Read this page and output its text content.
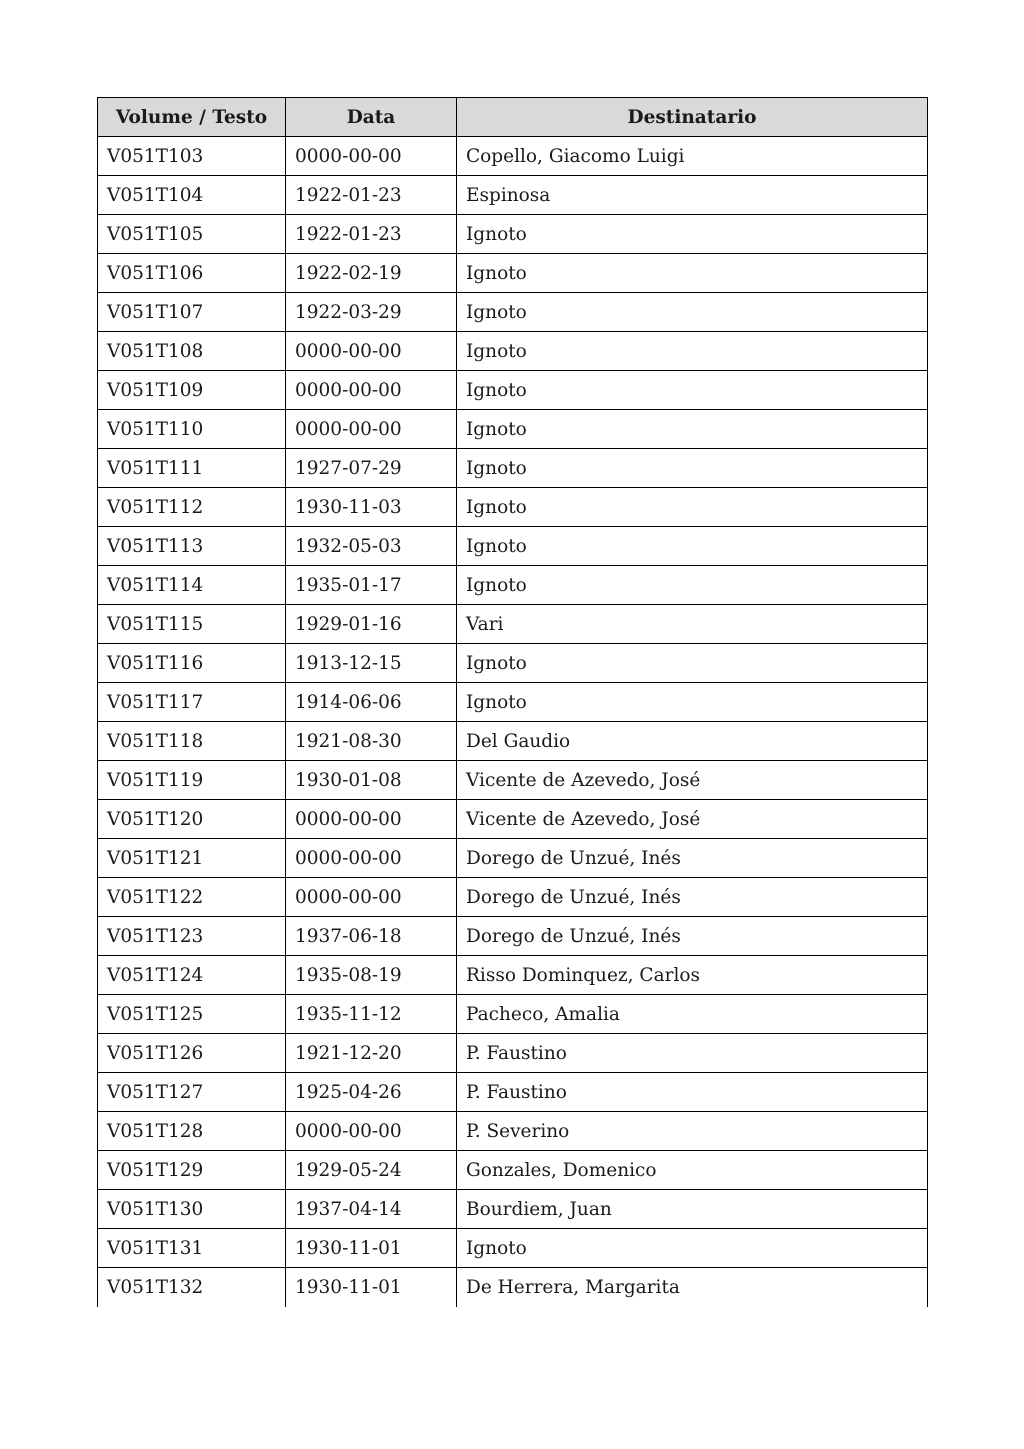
Volume / Testo	Data	Destinatario
V051T103	0000-00-00	Copello, Giacomo Luigi
V051T104	1922-01-23	Espinosa
V051T105	1922-01-23	Ignoto
V051T106	1922-02-19	Ignoto
V051T107	1922-03-29	Ignoto
V051T108	0000-00-00	Ignoto
V051T109	0000-00-00	Ignoto
V051T110	0000-00-00	Ignoto
V051T111	1927-07-29	Ignoto
V051T112	1930-11-03	Ignoto
V051T113	1932-05-03	Ignoto
V051T114	1935-01-17	Ignoto
V051T115	1929-01-16	Vari
V051T116	1913-12-15	Ignoto
V051T117	1914-06-06	Ignoto
V051T118	1921-08-30	Del Gaudio
V051T119	1930-01-08	Vicente de Azevedo, José
V051T120	0000-00-00	Vicente de Azevedo, José
V051T121	0000-00-00	Dorego de Unzué, Inés
V051T122	0000-00-00	Dorego de Unzué, Inés
V051T123	1937-06-18	Dorego de Unzué, Inés
V051T124	1935-08-19	Risso Dominquez, Carlos
V051T125	1935-11-12	Pacheco, Amalia
V051T126	1921-12-20	P. Faustino
V051T127	1925-04-26	P. Faustino
V051T128	0000-00-00	P. Severino
V051T129	1929-05-24	Gonzales, Domenico
V051T130	1937-04-14	Bourdiem, Juan
V051T131	1930-11-01	Ignoto
V051T132	1930-11-01	De Herrera, Margarita
